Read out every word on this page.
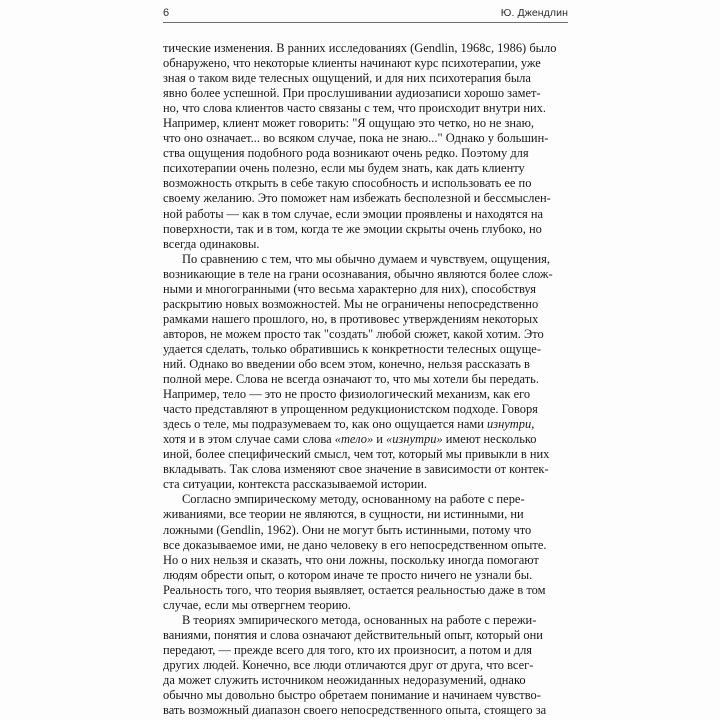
6	Ю. Джендлин

тические изменения. В ранних исследованиях (Gendlin, 1968c, 1986) было
обнаружено, что некоторые клиенты начинают курс психотерапии, уже
зная о таком виде телесных ощущений, и для них психотерапия была
явно более успешной. При прослушивании аудиозаписи хорошо замет-
но, что слова клиентов часто связаны с тем, что происходит внутри них.
Например, клиент может говорить: "Я ощущаю это четко, но не знаю,
что оно означает... во всяком случае, пока не знаю..." Однако у большин-
ства ощущения подобного рода возникают очень редко. Поэтому для
психотерапии очень полезно, если мы будем знать, как дать клиенту
возможность открыть в себе такую способность и использовать ее по
своему желанию. Это поможет нам избежать бесполезной и бессмыслен-
ной работы — как в том случае, если эмоции проявлены и находятся на
поверхности, так и в том, когда те же эмоции скрыты очень глубоко, но
всегда одинаковы.

По сравнению с тем, что мы обычно думаем и чувствуем, ощущения,
возникающие в теле на грани осознавания, обычно являются более слож-
ными и многогранными (что весьма характерно для них), способствуя
раскрытию новых возможностей. Мы не ограничены непосредственно
рамками нашего прошлого, но, в противовес утверждениям некоторых
авторов, не можем просто так "создать" любой сюжет, какой хотим. Это
удается сделать, только обратившись к конкретности телесных ощуще-
ний. Однако во введении обо всем этом, конечно, нельзя рассказать в
полной мере. Слова не всегда означают то, что мы хотели бы передать.
Например, тело — это не просто физиологический механизм, как его
часто представляют в упрощенном редукционистском подходе. Говоря
здесь о теле, мы подразумеваем то, как оно ощущается нами изнутри,
хотя и в этом случае сами слова «тело» и «изнутри» имеют несколько
иной, более специфический смысл, чем тот, который мы привыкли в них
вкладывать. Так слова изменяют свое значение в зависимости от контек-
ста ситуации, контекста рассказываемой истории.

Согласно эмпирическому методу, основанному на работе с пере-
живаниями, все теории не являются, в сущности, ни истинными, ни
ложными (Gendlin, 1962). Они не могут быть истинными, потому что
все доказываемое ими, не дано человеку в его непосредственном опыте.
Но о них нельзя и сказать, что они ложны, поскольку иногда помогают
людям обрести опыт, о котором иначе те просто ничего не узнали бы.
Реальность того, что теория выявляет, остается реальностью даже в том
случае, если мы отвергнем теорию.

В теориях эмпирического метода, основанных на работе с пережи-
ваниями, понятия и слова означают действительный опыт, который они
передают, — прежде всего для того, кто их произносит, а потом и для
других людей. Конечно, все люди отличаются друг от друга, что всег-
да может служить источником неожиданных недоразумений, однако
обычно мы довольно быстро обретаем понимание и начинаем чувство-
вать возможный диапазон своего непосредственного опыта, стоящего за
